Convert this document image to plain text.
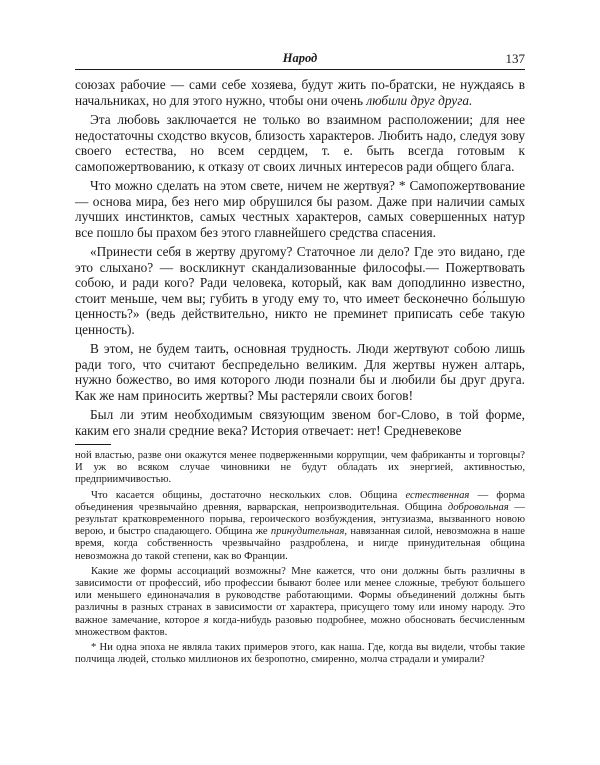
Народ	137

союзах рабочие — сами себе хозяева, будут жить по-братски, не нуждаясь в начальниках, но для этого нужно, чтобы они очень любили друг друга.

Эта любовь заключается не только во взаимном расположении; для нее недостаточны сходство вкусов, близость характеров. Любить надо, следуя зову своего естества, но всем сердцем, т. е. быть всегда готовым к самопожертвованию, к отказу от своих личных интересов ради общего блага.

Что можно сделать на этом свете, ничем не жертвуя? * Самопожертвование — основа мира, без него мир обрушился бы разом. Даже при наличии самых лучших инстинктов, самых честных характеров, самых совершенных натур все пошло бы прахом без этого главнейшего средства спасения.

«Принести себя в жертву другому? Статочное ли дело? Где это видано, где это слыхано? — воскликнут скандализованные философы.— Пожертвовать собою, и ради кого? Ради человека, который, как вам доподлинно известно, стоит меньше, чем вы; губить в угоду ему то, что имеет бесконечно бо́льшую ценность?» (ведь действительно, никто не преминет приписать себе такую ценность).

В этом, не будем таить, основная трудность. Люди жертвуют собою лишь ради того, что считают беспредельно великим. Для жертвы нужен алтарь, нужно божество, во имя которого люди познали бы и любили бы друг друга. Как же нам приносить жертвы? Мы растеряли своих богов!

Был ли этим необходимым связующим звеном бог-Слово, в той форме, каким его знали средние века? История отвечает: нет! Средневекове

ной властью, разве они окажутся менее подверженными коррупции, чем фабриканты и торговцы? И уж во всяком случае чиновники не будут обладать их энергией, активностью, предприимчивостью.

Что касается общины, достаточно нескольких слов. Община естественная — форма объединения чрезвычайно древняя, варварская, непроизводительная. Община добровольная — результат кратковременного порыва, героического возбуждения, энтузиазма, вызванного новою верою, и быстро спадающего. Община же принудительная, навязанная силой, невозможна в наше время, когда собственность чрезвычайно раздроблена, и нигде принудительная община невозможна до такой степени, как во Франции.

Какие же формы ассоциаций возможны? Мне кажется, что они должны быть различны в зависимости от профессий, ибо профессии бывают более или менее сложные, требуют большего или меньшего единоначалия в руководстве работающими. Формы объединений должны быть различны в разных странах в зависимости от характера, присущего тому или иному народу. Это важное замечание, которое я когда-нибудь разовью подробнее, можно обосновать бесчисленным множеством фактов.

* Ни одна эпоха не являла таких примеров этого, как наша. Где, когда вы видели, чтобы такие полчища людей, столько миллионов их безропотно, смиренно, молча страдали и умирали?
